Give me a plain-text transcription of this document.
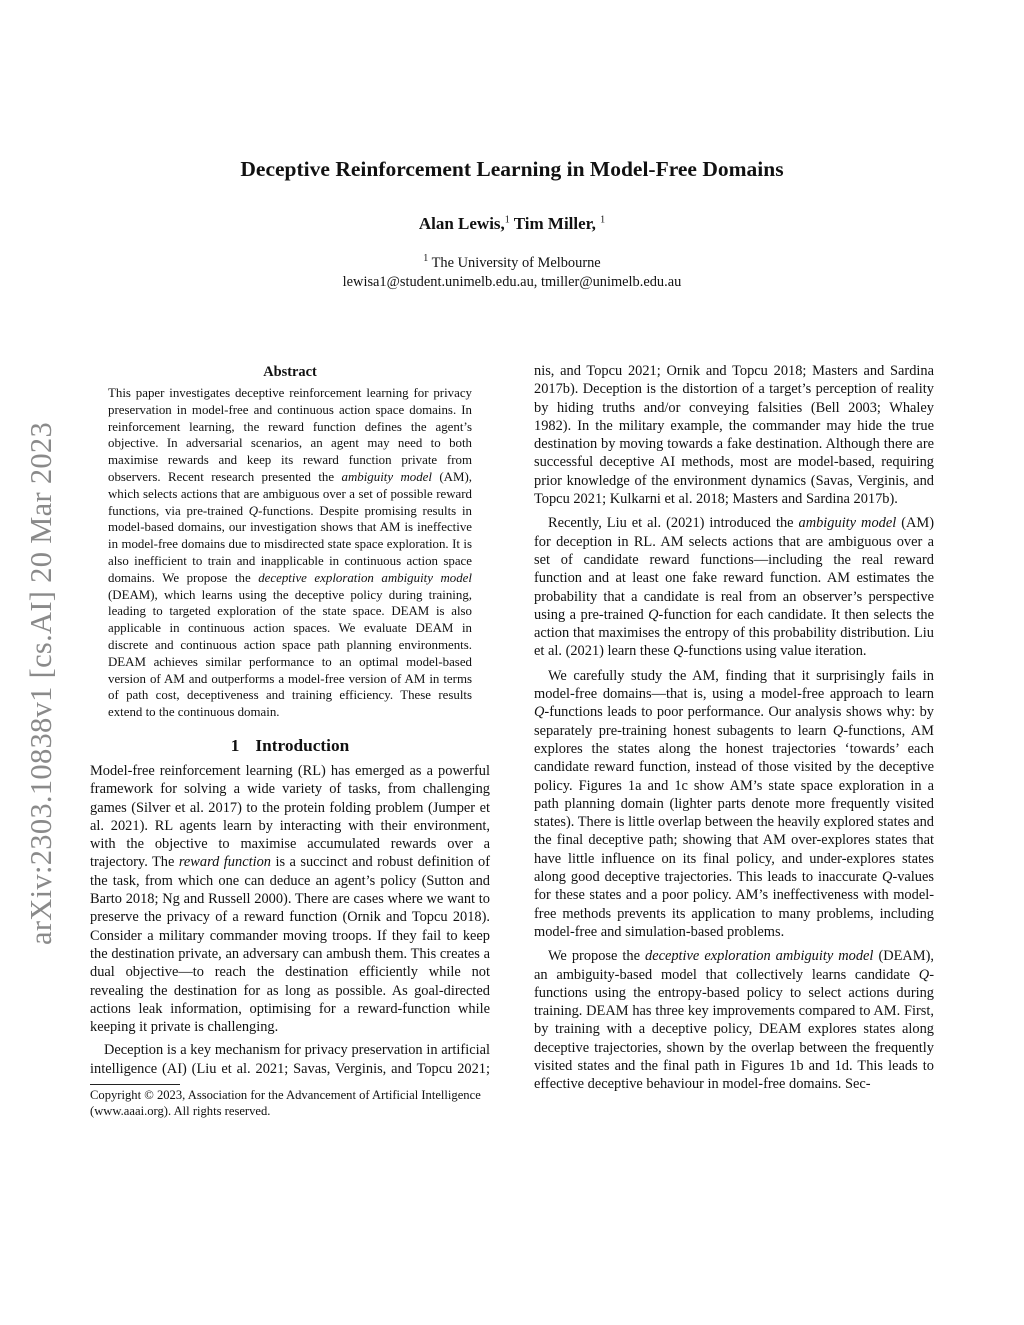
arXiv:2303.10838v1 [cs.AI] 20 Mar 2023
Deceptive Reinforcement Learning in Model-Free Domains
Alan Lewis,$^1$ Tim Miller, $^1$
$^1$ The University of Melbourne
lewisa1@student.unimelb.edu.au, tmiller@unimelb.edu.au
Abstract

This paper investigates deceptive reinforcement learning for privacy preservation in model-free and continuous action space domains. In reinforcement learning, the reward function defines the agent’s objective. In adversarial scenarios, an agent may need to both maximise rewards and keep its reward function private from observers. Recent research presented the ambiguity model (AM), which selects actions that are ambiguous over a set of possible reward functions, via pre-trained Q-functions. Despite promising results in model-based domains, our investigation shows that AM is ineffective in model-free domains due to misdirected state space exploration. It is also inefficient to train and inapplicable in continuous action space domains. We propose the deceptive exploration ambiguity model (DEAM), which learns using the deceptive policy during training, leading to targeted exploration of the state space. DEAM is also applicable in continuous action spaces. We evaluate DEAM in discrete and continuous action space path planning environments. DEAM achieves similar performance to an optimal model-based version of AM and outperforms a model-free version of AM in terms of path cost, deceptiveness and training efficiency. These results extend to the continuous domain.

1 Introduction

Model-free reinforcement learning (RL) has emerged as a powerful framework for solving a wide variety of tasks, from challenging games (Silver et al. 2017) to the protein folding problem (Jumper et al. 2021). RL agents learn by interacting with their environment, with the objective to maximise accumulated rewards over a trajectory. The reward function is a succinct and robust definition of the task, from which one can deduce an agent’s policy (Sutton and Barto 2018; Ng and Russell 2000). There are cases where we want to preserve the privacy of a reward function (Ornik and Topcu 2018). Consider a military commander moving troops. If they fail to keep the destination private, an adversary can ambush them. This creates a dual objective—to reach the destination efficiently while not revealing the destination for as long as possible. As goal-directed actions leak information, optimising for a reward-function while keeping it private is challenging.

Deception is a key mechanism for privacy preservation in artificial intelligence (AI) (Liu et al. 2021; Savas, Verginis, and Topcu 2021;

Copyright © 2023, Association for the Advancement of Artificial Intelligence (www.aaai.org). All rights reserved.

nis, and Topcu 2021; Ornik and Topcu 2018; Masters and Sardina 2017b). Deception is the distortion of a target’s perception of reality by hiding truths and/or conveying falsities (Bell 2003; Whaley 1982). In the military example, the commander may hide the true destination by moving towards a fake destination. Although there are successful deceptive AI methods, most are model-based, requiring prior knowledge of the environment dynamics (Savas, Verginis, and Topcu 2021; Kulkarni et al. 2018; Masters and Sardina 2017b).

Recently, Liu et al. (2021) introduced the ambiguity model (AM) for deception in RL. AM selects actions that are ambiguous over a set of candidate reward functions—including the real reward function and at least one fake reward function. AM estimates the probability that a candidate is real from an observer’s perspective using a pre-trained Q-function for each candidate. It then selects the action that maximises the entropy of this probability distribution. Liu et al. (2021) learn these Q-functions using value iteration.

We carefully study the AM, finding that it surprisingly fails in model-free domains—that is, using a model-free approach to learn Q-functions leads to poor performance. Our analysis shows why: by separately pre-training honest subagents to learn Q-functions, AM explores the states along the honest trajectories ‘towards’ each candidate reward function, instead of those visited by the deceptive policy. Figures 1a and 1c show AM’s state space exploration in a path planning domain (lighter parts denote more frequently visited states). There is little overlap between the heavily explored states and the final deceptive path; showing that AM over-explores states that have little influence on its final policy, and under-explores states along good deceptive trajectories. This leads to inaccurate Q-values for these states and a poor policy. AM’s ineffectiveness with model-free methods prevents its application to many problems, including model-free and simulation-based problems.

We propose the deceptive exploration ambiguity model (DEAM), an ambiguity-based model that collectively learns candidate Q-functions using the entropy-based policy to select actions during training. DEAM has three key improvements compared to AM. First, by training with a deceptive policy, DEAM explores states along deceptive trajectories, shown by the overlap between the frequently visited states and the final path in Figures 1b and 1d. This leads to effective deceptive behaviour in model-free domains. Sec-
